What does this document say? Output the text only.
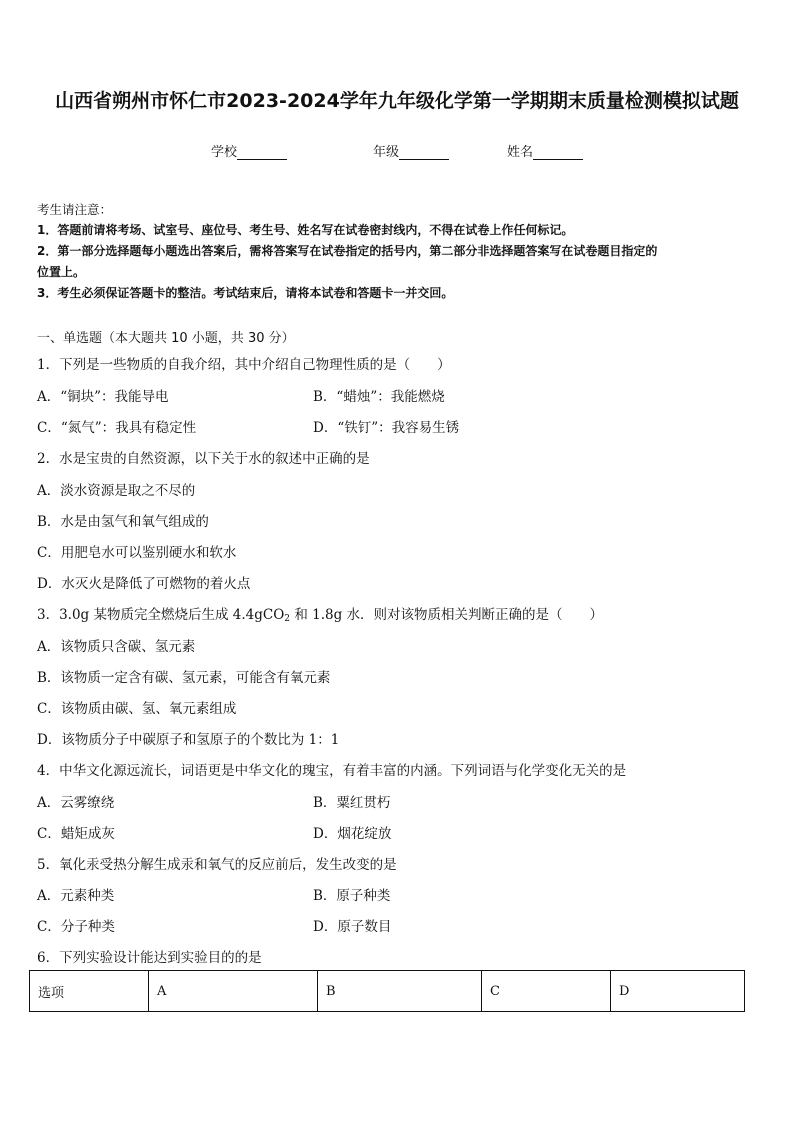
山西省朔州市怀仁市2023-2024学年九年级化学第一学期期末质量检测模拟试题
学校	年级	姓名
考生请注意：
1．答题前请将考场、试室号、座位号、考生号、姓名写在试卷密封线内，不得在试卷上作任何标记。
2．第一部分选择题每小题选出答案后，需将答案写在试卷指定的括号内，第二部分非选择题答案写在试卷题目指定的
位置上。
3．考生必须保证答题卡的整洁。考试结束后，请将本试卷和答题卡一并交回。
一、单选题（本大题共 10 小题，共 30 分）
1．下列是一些物质的自我介绍，其中介绍自己物理性质的是（　　）
A．“铜块”：我能导电	B．“蜡烛”：我能燃烧
C．“氮气”：我具有稳定性	D．“铁钉”：我容易生锈
2．水是宝贵的自然资源，以下关于水的叙述中正确的是
A．淡水资源是取之不尽的
B．水是由氢气和氧气组成的
C．用肥皂水可以鉴别硬水和软水
D．水灭火是降低了可燃物的着火点
3．3.0g 某物质完全燃烧后生成 4.4gCO$_2$ 和 1.8g 水．则对该物质相关判断正确的是（　　）
A．该物质只含碳、氢元素
B．该物质一定含有碳、氢元素，可能含有氧元素
C．该物质由碳、氢、氧元素组成
D．该物质分子中碳原子和氢原子的个数比为 1：1
4．中华文化源远流长，词语更是中华文化的瑰宝，有着丰富的内涵。下列词语与化学变化无关的是
A．云雾缭绕	B．粟红贯朽
C．蜡矩成灰	D．烟花绽放
5．氧化汞受热分解生成汞和氧气的反应前后，发生改变的是
A．元素种类	B．原子种类
C．分子种类	D．原子数目
6．下列实验设计能达到实验目的的是
选项	A	B	C	D
